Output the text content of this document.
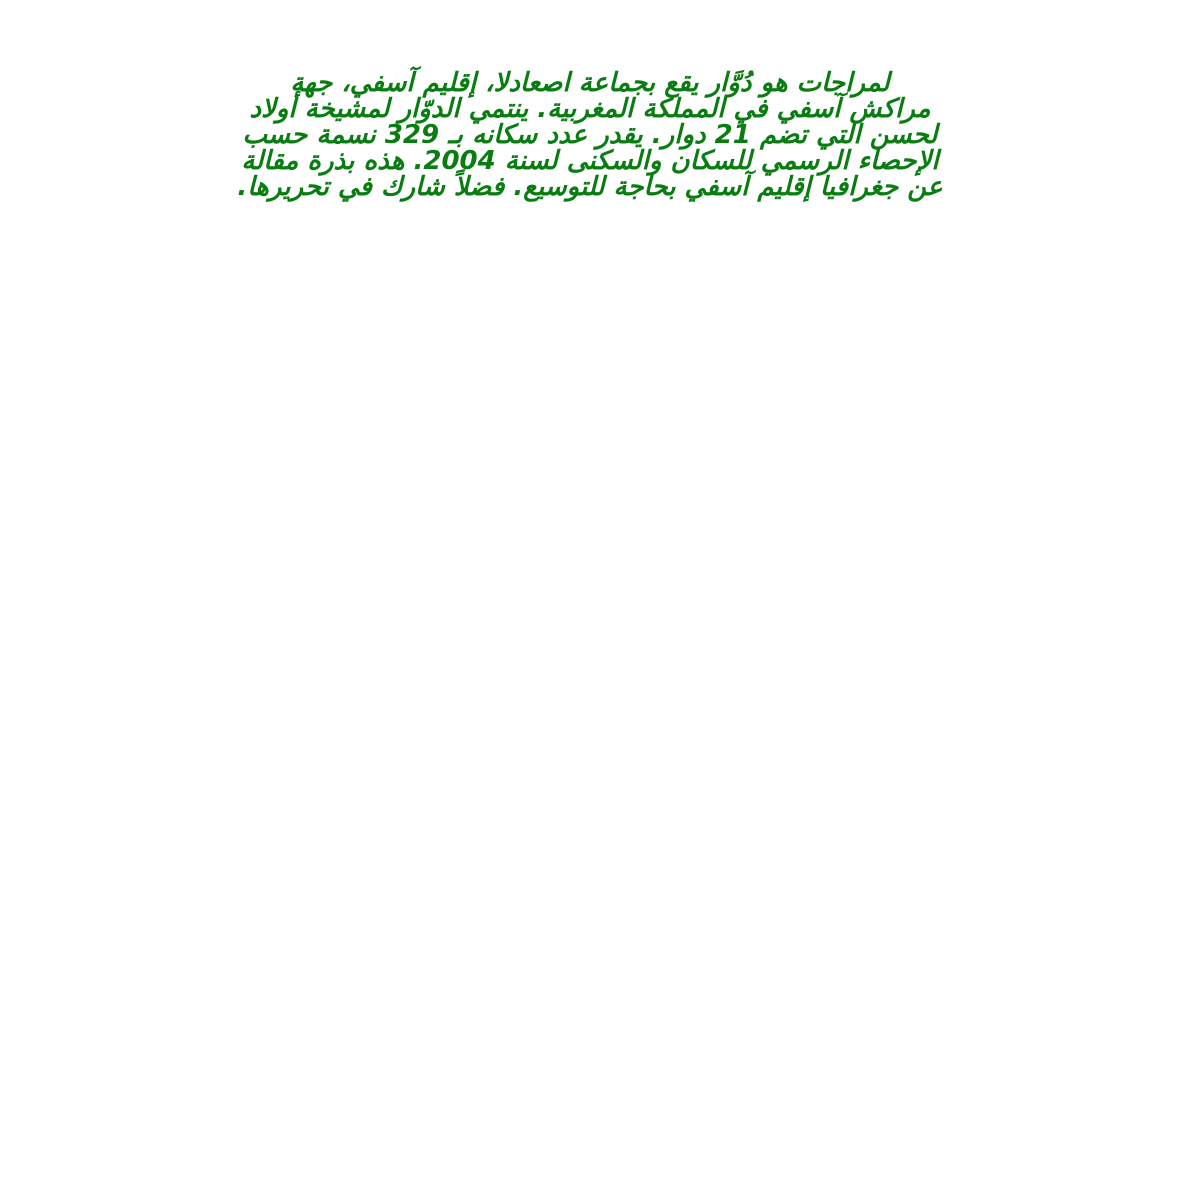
لمراجات هو دُوَّار يقع بجماعة اصعادلا، إقليم آسفي، جهة
مراكش آسفي في المملكة المغربية. ينتمي الدوّار لمشيخة أولاد
لحسن التي تضم 21 دوار. يقدر عدد سكانه بـ 329 نسمة حسب
الإحصاء الرسمي للسكان والسكنى لسنة 2004. هذه بذرة مقالة
عن جغرافيا إقليم آسفي بحاجة للتوسيع. فضلاً شارك في تحريرها.
